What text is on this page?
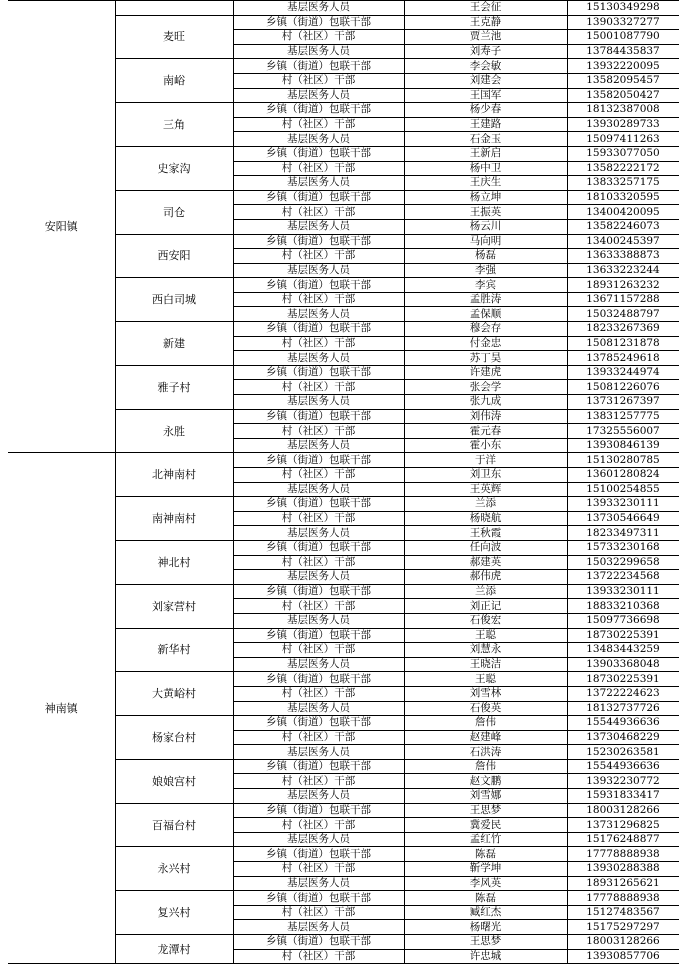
安阳镇		基层医务人员	王会征	15130349298
	麦旺	乡镇（街道）包联干部	王克静	13903327277
		村（社区）干部	贾兰池	15001087790
		基层医务人员	刘寿子	13784435837
	南峪	乡镇（街道）包联干部	李会敏	13932220095
		村（社区）干部	刘建会	13582095457
		基层医务人员	王国军	13582050427
	三角	乡镇（街道）包联干部	杨少春	18132387008
		村（社区）干部	王建路	13930289733
		基层医务人员	石金玉	15097411263
	史家沟	乡镇（街道）包联干部	王新启	15933077050
		村（社区）干部	杨中卫	13582222172
		基层医务人员	王庆生	13833257175
	司仓	乡镇（街道）包联干部	杨立坤	18103320595
		村（社区）干部	王振英	13400420095
		基层医务人员	杨云川	13582246073
	西安阳	乡镇（街道）包联干部	马向明	13400245397
		村（社区）干部	杨磊	13633388873
		基层医务人员	李强	13633223244
	西白司城	乡镇（街道）包联干部	李宾	18931263232
		村（社区）干部	孟胜涛	13671157288
		基层医务人员	孟保顺	15032488797
	新建	乡镇（街道）包联干部	穆会存	18233267369
		村（社区）干部	付金忠	15081231878
		基层医务人员	苏丁昊	13785249618
	雅子村	乡镇（街道）包联干部	许建虎	13933244974
		村（社区）干部	张会学	15081226076
		基层医务人员	张九成	13731267397
	永胜	乡镇（街道）包联干部	刘伟涛	13831257775
		村（社区）干部	霍元春	17325556007
		基层医务人员	霍小东	13930846139
神南镇	北神南村	乡镇（街道）包联干部	于洋	15130280785
		村（社区）干部	刘卫东	13601280824
		基层医务人员	王英辉	15100254855
	南神南村	乡镇（街道）包联干部	兰添	13933230111
		村（社区）干部	杨晓航	13730546649
		基层医务人员	王秋霞	18233497311
	神北村	乡镇（街道）包联干部	任向波	15733230168
		村（社区）干部	郝建英	15032299658
		基层医务人员	郝伟虎	13722234568
	刘家营村	乡镇（街道）包联干部	兰添	13933230111
		村（社区）干部	刘正记	18833210368
		基层医务人员	石俊宏	15097736698
	新华村	乡镇（街道）包联干部	王聪	18730225391
		村（社区）干部	刘慧永	13483443259
		基层医务人员	王晓洁	13903368048
	大黄峪村	乡镇（街道）包联干部	王聪	18730225391
		村（社区）干部	刘雪林	13722224623
		基层医务人员	石俊英	18132737726
	杨家台村	乡镇（街道）包联干部	詹伟	15544936636
		村（社区）干部	赵建峰	13730468229
		基层医务人员	石洪涛	15230263581
	娘娘宫村	乡镇（街道）包联干部	詹伟	15544936636
		村（社区）干部	赵文鹏	13932230772
		基层医务人员	刘雪娜	15931833417
	百福台村	乡镇（街道）包联干部	王思梦	18003128266
		村（社区）干部	冀爱民	13731296825
		基层医务人员	孟红竹	15176248877
	永兴村	乡镇（街道）包联干部	陈磊	17778888938
		村（社区）干部	靳学坤	13930288388
		基层医务人员	李风英	18931265621
	复兴村	乡镇（街道）包联干部	陈磊	17778888938
		村（社区）干部	臧红杰	15127483567
		基层医务人员	杨曙光	15175297297
	龙潭村	乡镇（街道）包联干部	王思梦	18003128266
		村（社区）干部	许忠城	13930857706
